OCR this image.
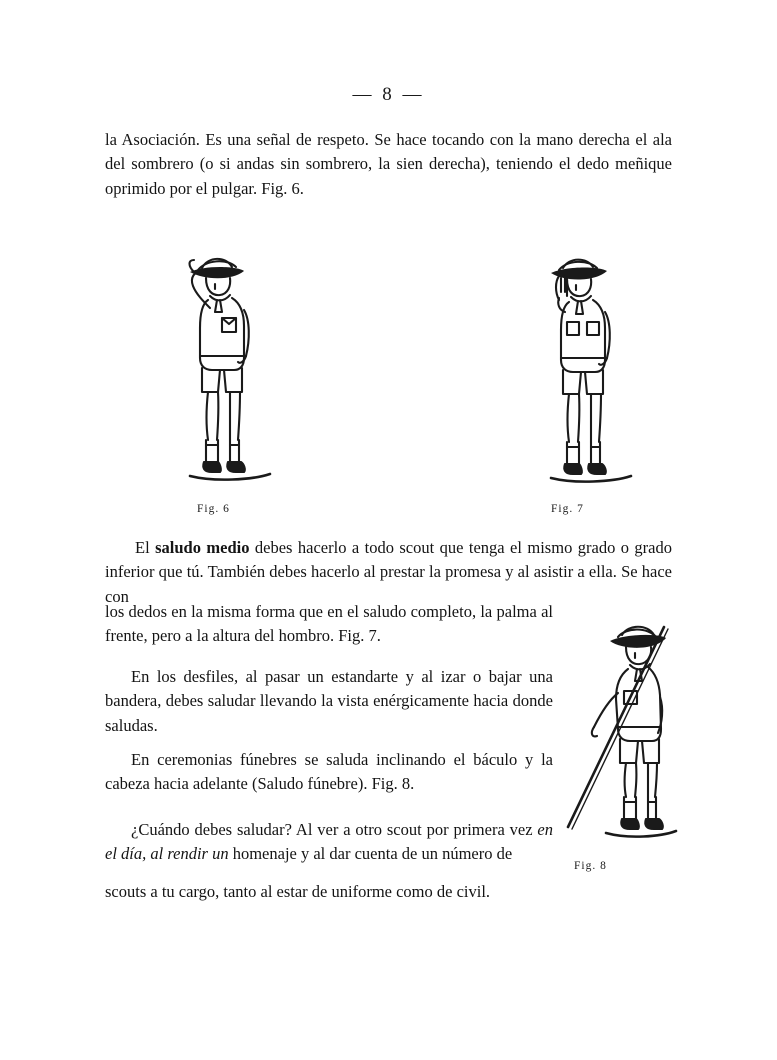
— 8 —
la Asociación. Es una señal de respeto. Se hace tocando con la mano derecha el ala del sombrero (o si andas sin sombrero, la sien derecha), teniendo el dedo meñique oprimido por el pulgar. Fig. 6.
Fig. 6	Fig. 7
El saludo medio debes hacerlo a todo scout que tenga el mismo grado o grado inferior que tú. También debes hacerlo al prestar la promesa y al asistir a ella. Se hace con
los dedos en la misma forma que en el saludo completo, la palma al frente, pero a la altura del hombro. Fig. 7.
En los desfiles, al pasar un estandarte y al izar o bajar una bandera, debes saludar llevando la vista enérgicamente hacia donde saludas.
En ceremonias fúnebres se saluda inclinando el báculo y la cabeza hacia adelante (Saludo fúnebre). Fig. 8.
¿Cuándo debes saludar? Al ver a otro scout por primera vez en el día, al rendir un homenaje y al dar cuenta de un número de
scouts a tu cargo, tanto al estar de uniforme como de civil.
Fig. 8
